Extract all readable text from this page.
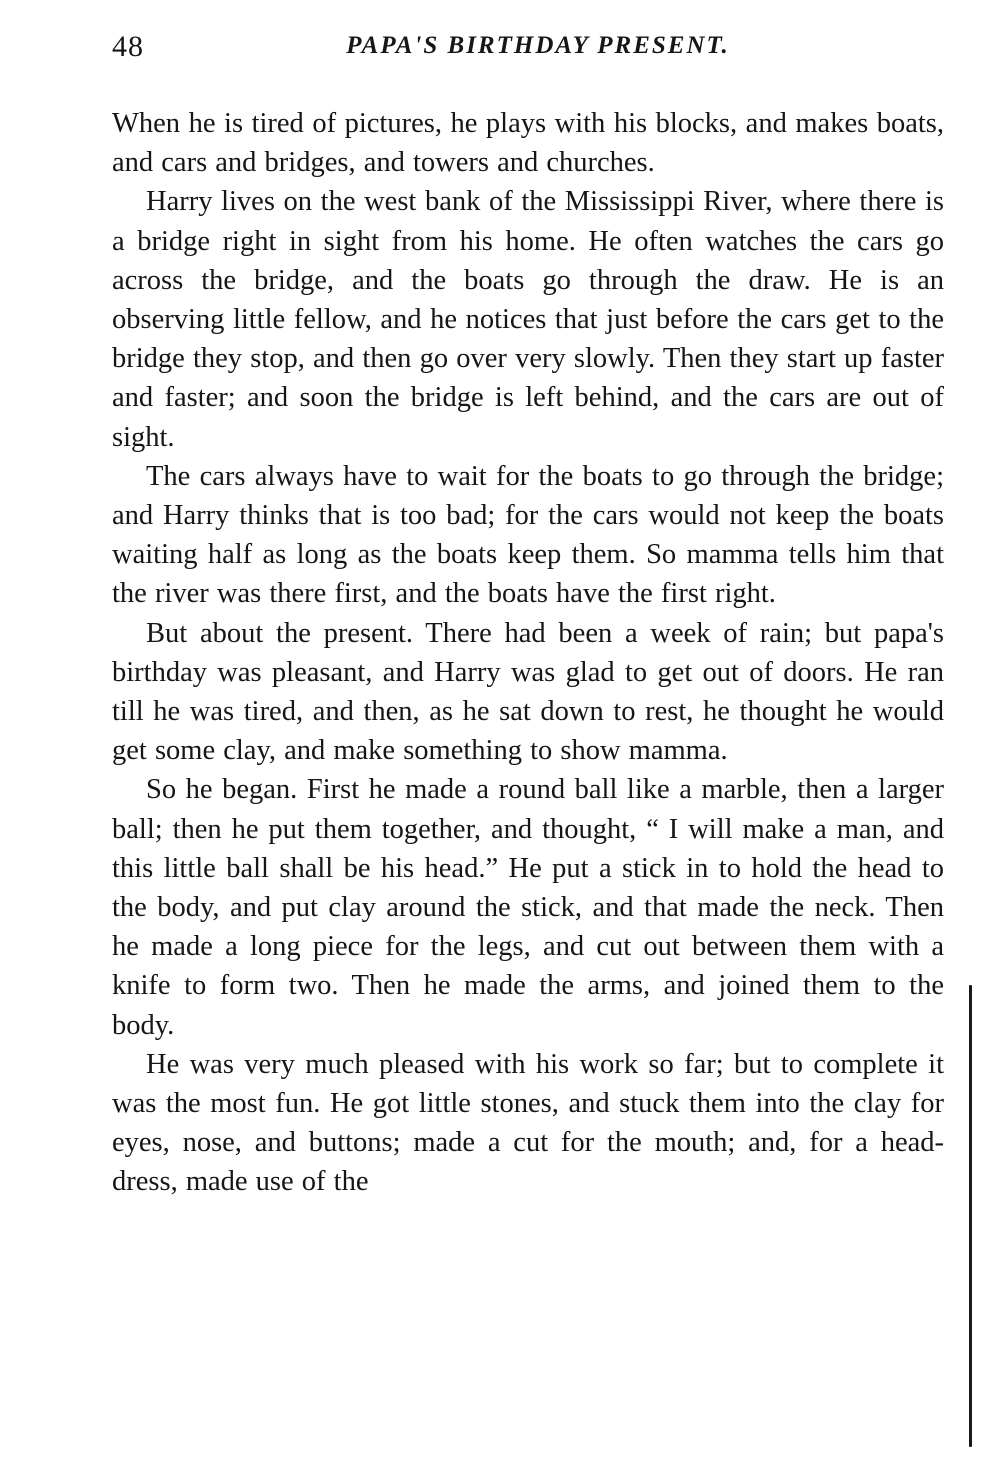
48	PAPA'S BIRTHDAY PRESENT.

When he is tired of pictures, he plays with his blocks, and makes boats, and cars and bridges, and towers and churches.

Harry lives on the west bank of the Mississippi River, where there is a bridge right in sight from his home. He often watches the cars go across the bridge, and the boats go through the draw. He is an observing little fellow, and he notices that just before the cars get to the bridge they stop, and then go over very slowly. Then they start up faster and faster; and soon the bridge is left behind, and the cars are out of sight.

The cars always have to wait for the boats to go through the bridge; and Harry thinks that is too bad; for the cars would not keep the boats waiting half as long as the boats keep them. So mamma tells him that the river was there first, and the boats have the first right.

But about the present. There had been a week of rain; but papa's birthday was pleasant, and Harry was glad to get out of doors. He ran till he was tired, and then, as he sat down to rest, he thought he would get some clay, and make something to show mamma.

So he began. First he made a round ball like a marble, then a larger ball; then he put them together, and thought, “ I will make a man, and this little ball shall be his head.” He put a stick in to hold the head to the body, and put clay around the stick, and that made the neck. Then he made a long piece for the legs, and cut out between them with a knife to form two. Then he made the arms, and joined them to the body.

He was very much pleased with his work so far; but to complete it was the most fun. He got little stones, and stuck them into the clay for eyes, nose, and buttons; made a cut for the mouth; and, for a head-dress, made use of the
